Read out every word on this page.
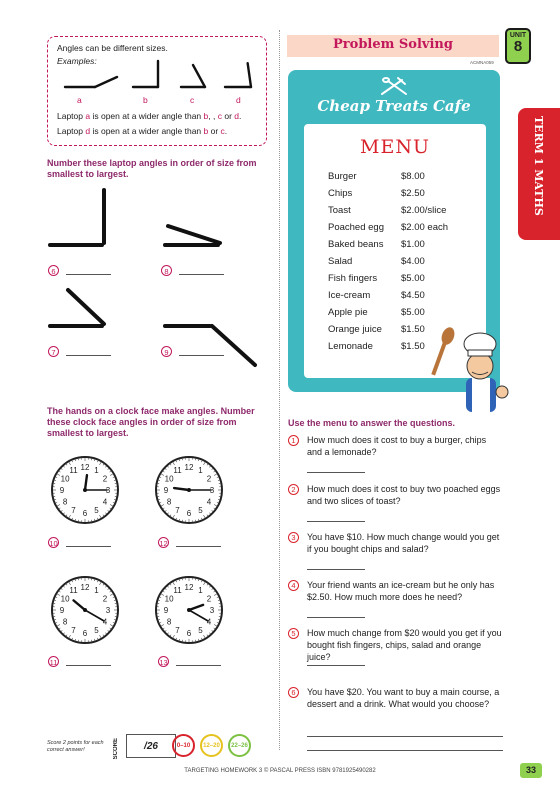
Angles can be different sizes.
Examples:
a	b	c	d
Laptop a is open at a wider angle than b, , c or d.
Laptop d is open at a wider angle than b or c.
Number these laptop angles in order of size from smallest to largest.
6	8
7	9
The hands on a clock face make angles. Number these clock face angles in order of size from smallest to largest.
12 1
2
3
4
5
6
7
8
9
10
11	12 1
2
3
4
5
6
7
8
9
10
11
12 1
2
3
4
5
6
7
8
9
10
11	12 1
2
3
4
5
6
7
8
9
10
11
10	12
11	13
Problem Solving
UNIT
8
ACMNA059
TERM 1 MATHS
Cheap Treats Cafe
MENU
Burger	$8.00
Chips	$2.50
Toast	$2.00/slice
Poached egg $2.00 each
Baked beans $1.00
Salad	$4.00
Fish fingers	$5.00
Ice-cream	$4.50
Apple pie	$5.00
Orange juice $1.50
Lemonade	$1.50
Use the menu to answer the questions.
1	How much does it cost to buy a burger, chips and a lemonade?
2	How much does it cost to buy two poached eggs and two slices of toast?
3	You have $10. How much change would you get if you bought chips and salad?
4	Your friend wants an ice-cream but he only has $2.50. How much more does he need?
5	How much change from $20 would you get if you bought fish fingers, chips, salad and orange juice?
6	You have $20. You want to buy a main course, a dessert and a drink. What would you choose?
Score 2 points for each correct answer!	SCORE	/26	0–10	12–20	22–26
TARGETING HOMEWORK 3 © PASCAL PRESS ISBN 9781925490282	33
